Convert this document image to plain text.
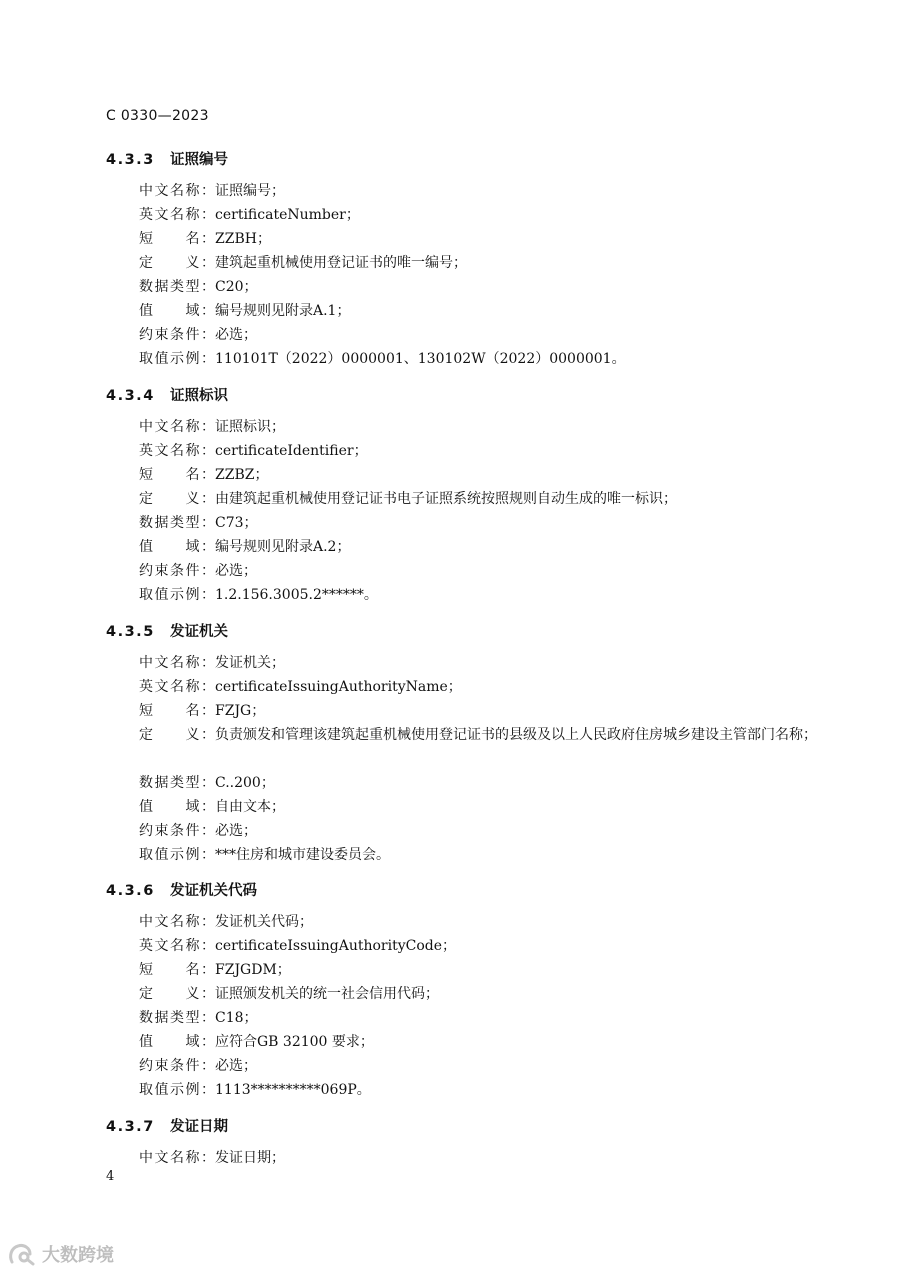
C 0330—2023
4.3.3 证照编号
中文名称：证照编号；
英文名称：certificateNumber；
短　　名：ZZBH；
定　　义：建筑起重机械使用登记证书的唯一编号；
数据类型：C20；
值　　域：编号规则见附录A.1；
约束条件：必选；
取值示例：110101T（2022）0000001、130102W（2022）0000001。
4.3.4 证照标识
中文名称：证照标识；
英文名称：certificateIdentifier；
短　　名：ZZBZ；
定　　义：由建筑起重机械使用登记证书电子证照系统按照规则自动生成的唯一标识；
数据类型：C73；
值　　域：编号规则见附录A.2；
约束条件：必选；
取值示例：1.2.156.3005.2******。
4.3.5 发证机关
中文名称：发证机关；
英文名称：certificateIssuingAuthorityName；
短　　名：FZJG；
定　　义：负责颁发和管理该建筑起重机械使用登记证书的县级及以上人民政府住房城乡建设主管部门名称；
数据类型：C..200；
值　　域：自由文本；
约束条件：必选；
取值示例：***住房和城市建设委员会。
4.3.6 发证机关代码
中文名称：发证机关代码；
英文名称：certificateIssuingAuthorityCode；
短　　名：FZJGDM；
定　　义：证照颁发机关的统一社会信用代码；
数据类型：C18；
值　　域：应符合GB 32100 要求；
约束条件：必选；
取值示例：1113**********069P。
4.3.7 发证日期
中文名称：发证日期；
4
大数跨境
